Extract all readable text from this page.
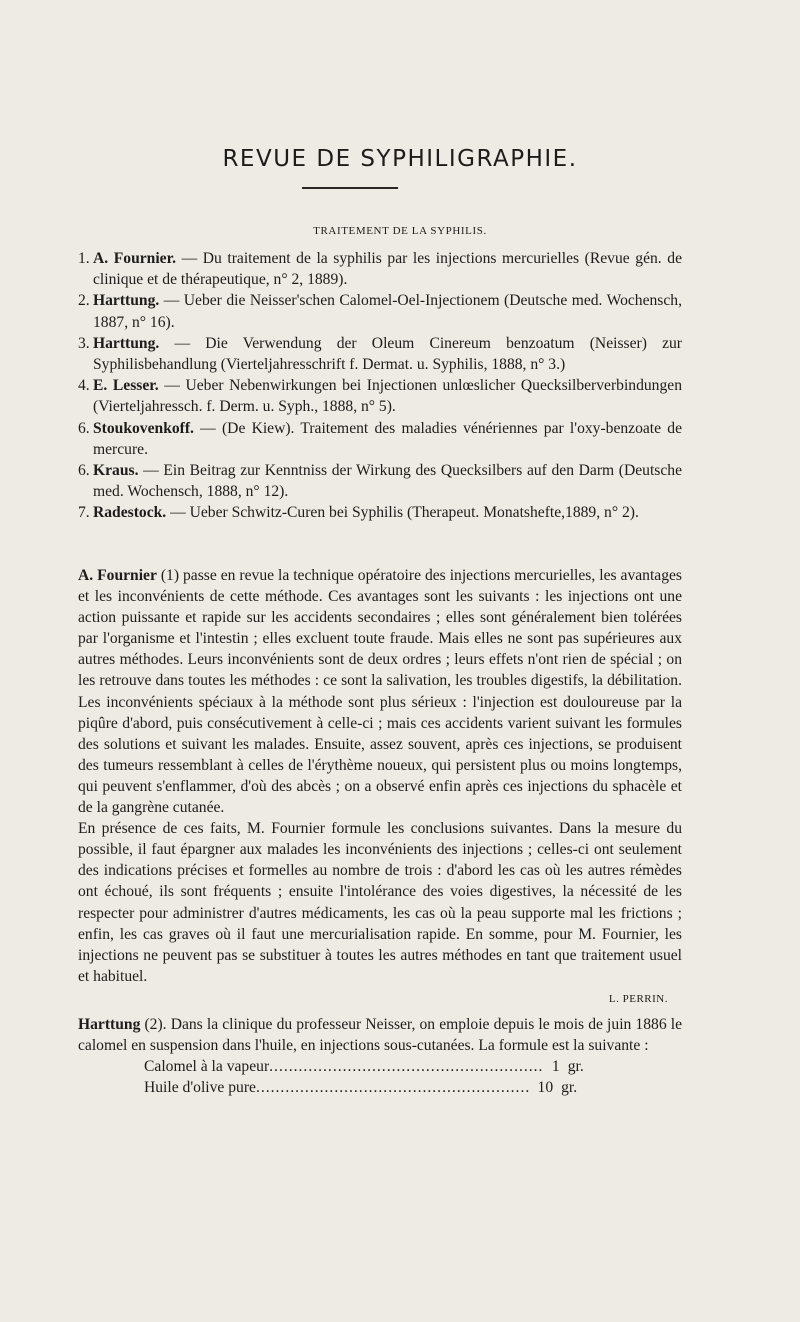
REVUE DE SYPHILIGRAPHIE.
TRAITEMENT DE LA SYPHILIS.
1. A. Fournier. — Du traitement de la syphilis par les injections mercurielles (Revue gén. de clinique et de thérapeutique, n° 2, 1889).
2. Harttung. — Ueber die Neisser'schen Calomel-Oel-Injectionem (Deutsche med. Wochensch, 1887, n° 16).
3. Harttung. — Die Verwendung der Oleum Cinereum benzoatum (Neisser) zur Syphilisbehandlung (Vierteljahresschrift f. Dermat. u. Syphilis, 1888, n° 3.)
4. E. Lesser. — Ueber Nebenwirkungen bei Injectionen unlœslicher Quecksilberverbindungen (Vierteljahressch. f. Derm. u. Syph., 1888, n° 5).
6. Stoukovenkoff. — (De Kiew). Traitement des maladies vénériennes par l'oxy-benzoate de mercure.
6. Kraus. — Ein Beitrag zur Kenntniss der Wirkung des Quecksilbers auf den Darm (Deutsche med. Wochensch, 1888, n° 12).
7. Radestock. — Ueber Schwitz-Curen bei Syphilis (Therapeut. Monatshefte,1889, n° 2).

A. Fournier (1) passe en revue la technique opératoire des injections mercurielles, les avantages et les inconvénients de cette méthode. Ces avantages sont les suivants : les injections ont une action puissante et rapide sur les accidents secondaires ; elles sont généralement bien tolérées par l'organisme et l'intestin ; elles excluent toute fraude. Mais elles ne sont pas supérieures aux autres méthodes. Leurs inconvénients sont de deux ordres ; leurs effets n'ont rien de spécial ; on les retrouve dans toutes les méthodes : ce sont la salivation, les troubles digestifs, la débilitation. Les inconvénients spéciaux à la méthode sont plus sérieux : l'injection est douloureuse par la piqûre d'abord, puis consécutivement à celle-ci ; mais ces accidents varient suivant les formules des solutions et suivant les malades. Ensuite, assez souvent, après ces injections, se produisent des tumeurs ressemblant à celles de l'érythème noueux, qui persistent plus ou moins longtemps, qui peuvent s'enflammer, d'où des abcès ; on a observé enfin après ces injections du sphacèle et de la gangrène cutanée.

En présence de ces faits, M. Fournier formule les conclusions suivantes. Dans la mesure du possible, il faut épargner aux malades les inconvénients des injections ; celles-ci ont seulement des indications précises et formelles au nombre de trois : d'abord les cas où les autres rémèdes ont échoué, ils sont fréquents ; ensuite l'intolérance des voies digestives, la nécessité de les respecter pour administrer d'autres médicaments, les cas où la peau supporte mal les frictions ; enfin, les cas graves où il faut une mercurialisation rapide. En somme, pour M. Fournier, les injections ne peuvent pas se substituer à toutes les autres méthodes en tant que traitement usuel et habituel.

L. PERRIN.

Harttung (2). Dans la clinique du professeur Neisser, on emploie depuis le mois de juin 1886 le calomel en suspension dans l'huile, en injections sous-cutanées. La formule est la suivante :

Calomel à la vapeur ........................................................ 1 gr.
Huile d'olive pure ........................................................ 10 gr.
